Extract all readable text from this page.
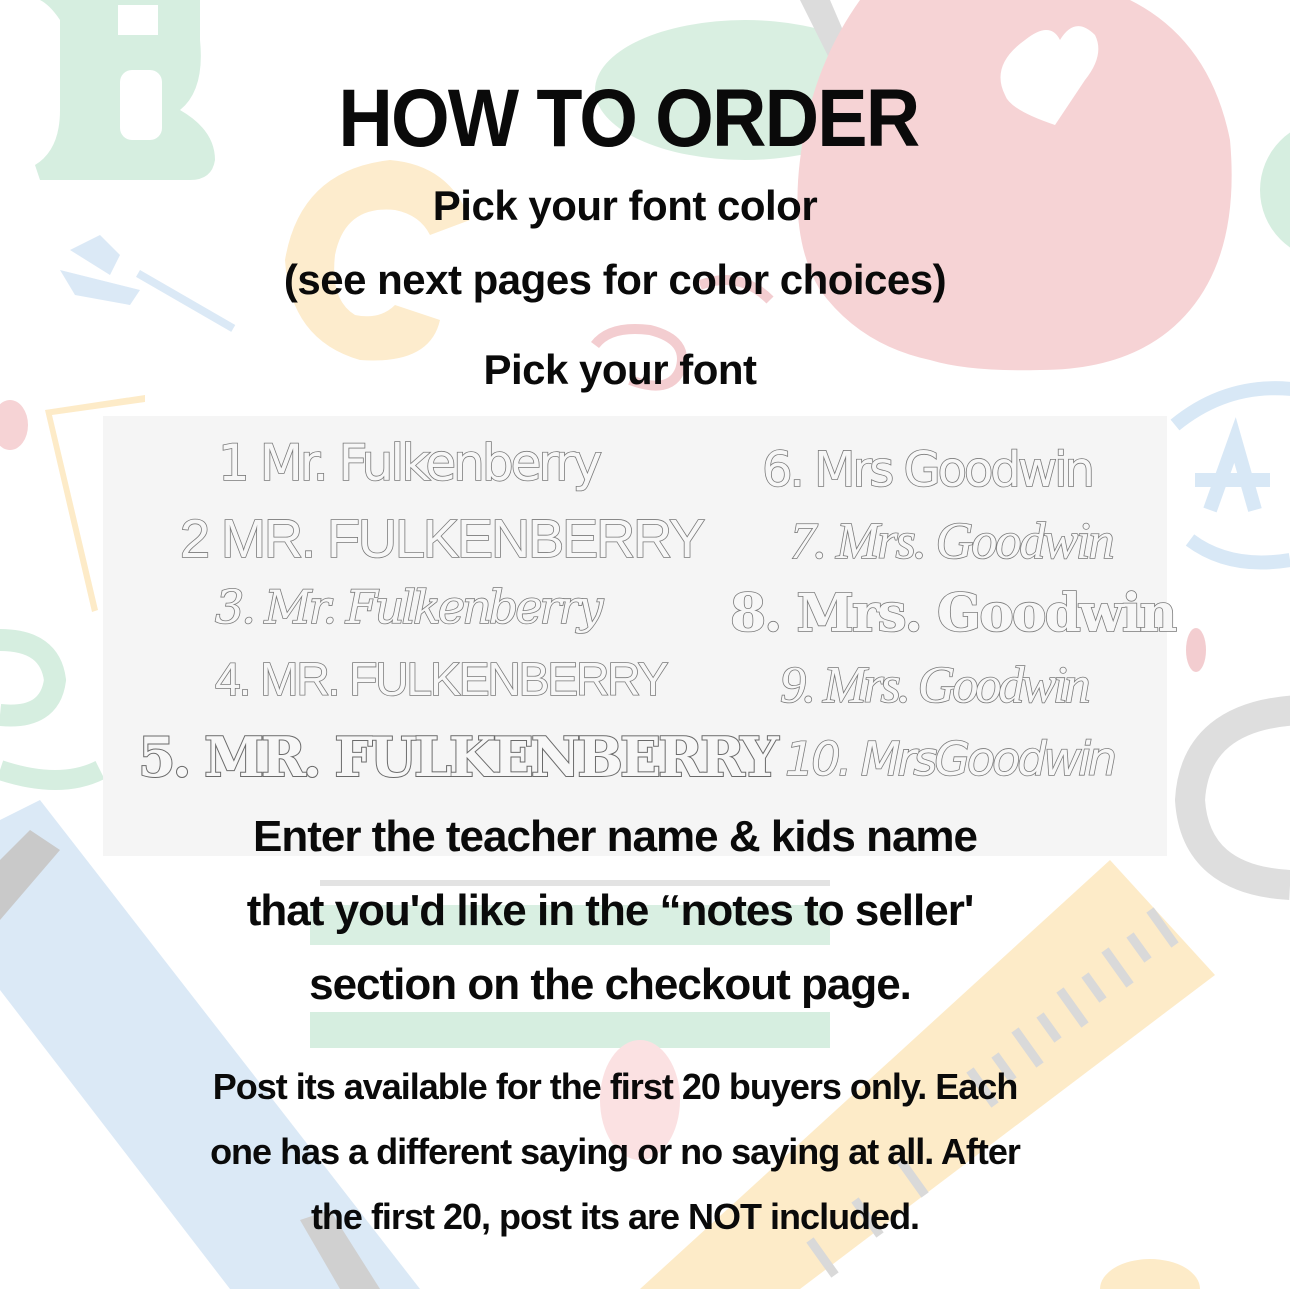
HOW TO ORDER
Pick your font color
(see next pages for color choices)
Pick your font
1 Mr. Fulkenberry
2 MR. FULKENBERRY
3. Mr. Fulkenberry
4. MR. FULKENBERRY
5. MR. FULKENBERRY
6. Mrs Goodwin
7. Mrs. Goodwin
8. Mrs. Goodwin
9. Mrs. Goodwin
10. MrsGoodwin
Enter the teacher name & kids name
that you'd like in the “notes to seller'
section on the checkout page.
Post its available for the first 20 buyers only. Each
one has a different saying or no saying at all. After
the first 20, post its are NOT included.
